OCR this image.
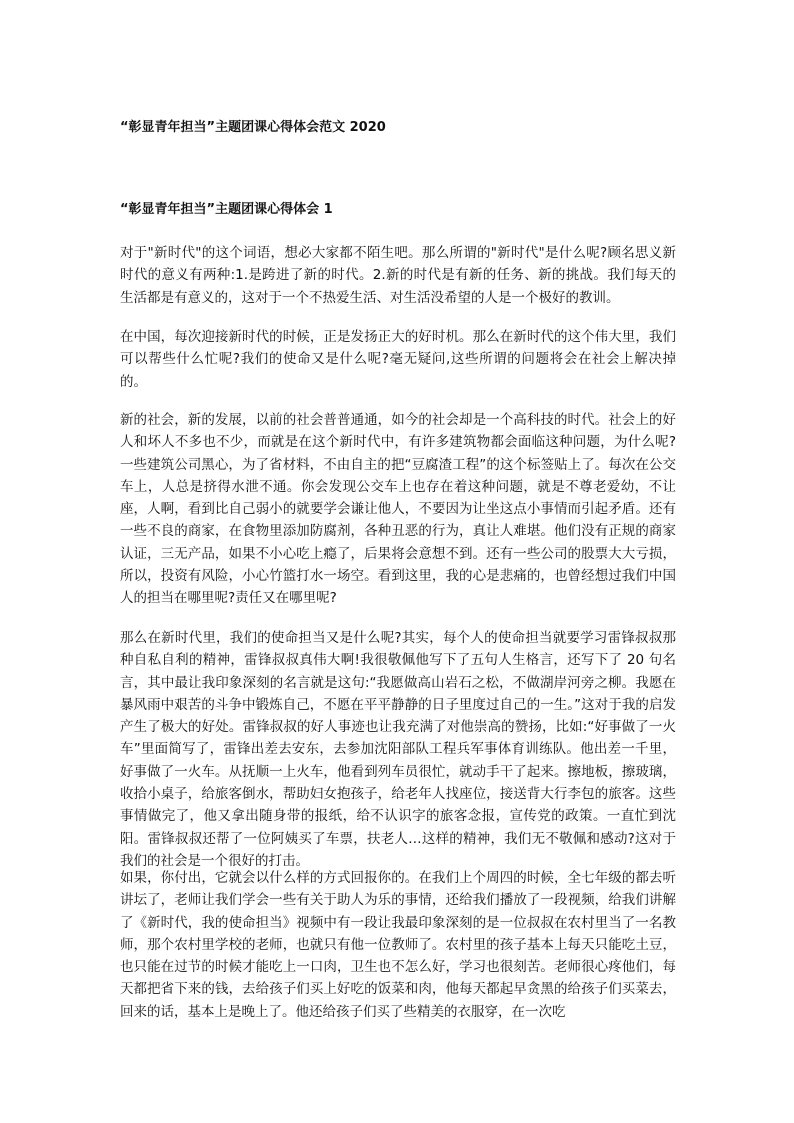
“彰显青年担当”主题团课心得体会范文 2020
“彰显青年担当”主题团课心得体会 1

对于"新时代"的这个词语，想必大家都不陌生吧。那么所谓的"新时代"是什么呢?顾名思义新时代的意义有两种:1.是跨进了新的时代。2.新的时代是有新的任务、新的挑战。我们每天的生活都是有意义的，这对于一个不热爱生活、对生活没希望的人是一个极好的教训。

在中国，每次迎接新时代的时候，正是发扬正大的好时机。那么在新时代的这个伟大里，我们可以帮些什么忙呢?我们的使命又是什么呢?毫无疑问,这些所谓的问题将会在社会上解决掉的。

新的社会，新的发展，以前的社会普普通通，如今的社会却是一个高科技的时代。社会上的好人和坏人不多也不少，而就是在这个新时代中，有许多建筑物都会面临这种问题，为什么呢?一些建筑公司黑心，为了省材料，不由自主的把“豆腐渣工程”的这个标签贴上了。每次在公交车上，人总是挤得水泄不通。你会发现公交车上也存在着这种问题，就是不尊老爱幼，不让座，人啊，看到比自己弱小的就要学会谦让他人，不要因为让坐这点小事情而引起矛盾。还有一些不良的商家，在食物里添加防腐剂，各种丑恶的行为，真让人难堪。他们没有正规的商家认证，三无产品，如果不小心吃上瘾了，后果将会意想不到。还有一些公司的股票大大亏损，所以，投资有风险，小心竹篮打水一场空。看到这里，我的心是悲痛的，也曾经想过我们中国人的担当在哪里呢?责任又在哪里呢?

那么在新时代里，我们的使命担当又是什么呢?其实，每个人的使命担当就要学习雷锋叔叔那种自私自利的精神，雷锋叔叔真伟大啊!我很敬佩他写下了五句人生格言，还写下了 20 句名言，其中最让我印象深刻的名言就是这句:“我愿做高山岩石之松，不做湖岸河旁之柳。我愿在暴风雨中艰苦的斗争中锻炼自己，不愿在平平静静的日子里度过自己的一生。”这对于我的启发产生了极大的好处。雷锋叔叔的好人事迹也让我充满了对他崇高的赞扬，比如:“好事做了一火车”里面简写了，雷锋出差去安东，去参加沈阳部队工程兵军事体育训练队。他出差一千里，好事做了一火车。从抚顺一上火车，他看到列车员很忙，就动手干了起来。擦地板，擦玻璃，收拾小桌子，给旅客倒水，帮助妇女抱孩子，给老年人找座位，接送背大行李包的旅客。这些事情做完了，他又拿出随身带的报纸，给不认识字的旅客念报，宣传党的政策。一直忙到沈阳。雷锋叔叔还帮了一位阿姨买了车票，扶老人…这样的精神，我们无不敬佩和感动?这对于我们的社会是一个很好的打击。

如果，你付出，它就会以什么样的方式回报你的。在我们上个周四的时候，全七年级的都去听讲坛了，老师让我们学会一些有关于助人为乐的事情，还给我们播放了一段视频，给我们讲解了《新时代，我的使命担当》视频中有一段让我最印象深刻的是一位叔叔在农村里当了一名教师，那个农村里学校的老师，也就只有他一位教师了。农村里的孩子基本上每天只能吃土豆，也只能在过节的时候才能吃上一口肉，卫生也不怎么好，学习也很刻苦。老师很心疼他们，每天都把省下来的钱，去给孩子们买上好吃的饭菜和肉，他每天都起早贪黑的给孩子们买菜去，回来的话，基本上是晚上了。他还给孩子们买了些精美的衣服穿，在一次吃
